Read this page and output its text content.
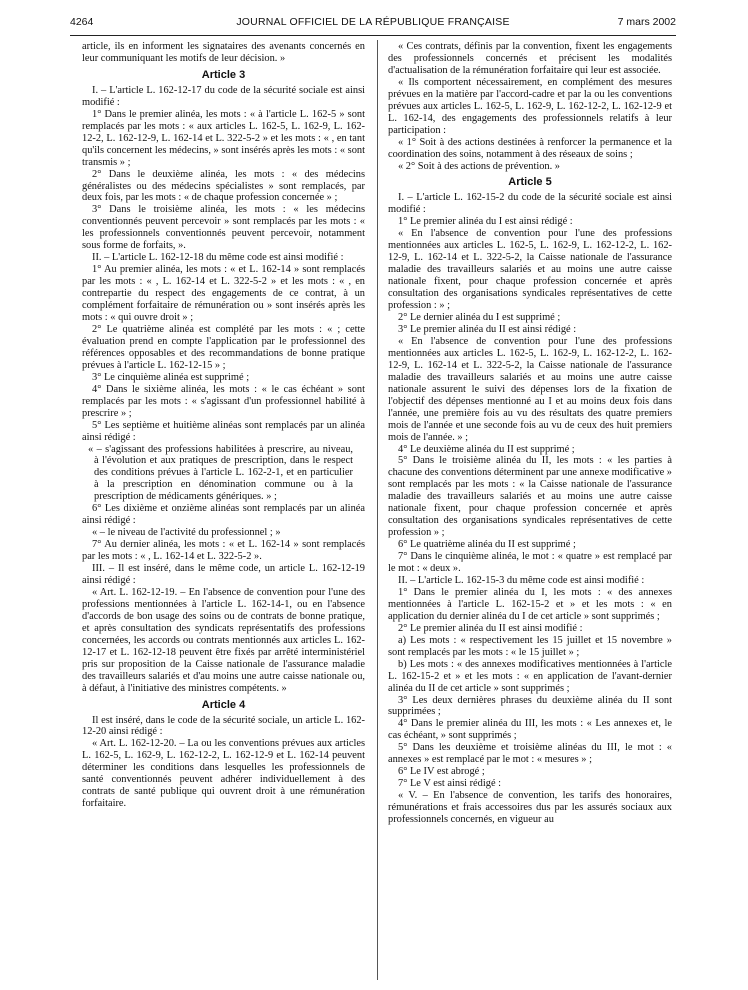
4264	JOURNAL OFFICIEL DE LA RÉPUBLIQUE FRANÇAISE	7 mars 2002

article, ils en informent les signataires des avenants concernés en leur communiquant les motifs de leur décision. »

Article 3

I. – L'article L. 162-12-17 du code de la sécurité sociale est ainsi modifié :

1° Dans le premier alinéa, les mots : « à l'article L. 162-5 » sont remplacés par les mots : « aux articles L. 162-5, L. 162-9, L. 162-12-2, L. 162-12-9, L. 162-14 et L. 322-5-2 » et les mots : « , en tant qu'ils concernent les médecins, » sont insérés après les mots : « sont transmis » ;

2° Dans le deuxième alinéa, les mots : « des médecins généralistes ou des médecins spécialistes » sont remplacés, par deux fois, par les mots : « de chaque profession concernée » ;

3° Dans le troisième alinéa, les mots : « les médecins conventionnés peuvent percevoir » sont remplacés par les mots : « les professionnels conventionnés peuvent percevoir, notamment sous forme de forfaits, ».

II. – L'article L. 162-12-18 du même code est ainsi modifié :

1° Au premier alinéa, les mots : « et L. 162-14 » sont remplacés par les mots : « , L. 162-14 et L. 322-5-2 » et les mots : « , en contrepartie du respect des engagements de ce contrat, à un complément forfaitaire de rémunération ou » sont insérés après les mots : « qui ouvre droit » ;

2° Le quatrième alinéa est complété par les mots : « ; cette évaluation prend en compte l'application par le professionnel des références opposables et des recommandations de bonne pratique prévues à l'article L. 162-12-15 » ;

3° Le cinquième alinéa est supprimé ;

4° Dans le sixième alinéa, les mots : « le cas échéant » sont remplacés par les mots : « s'agissant d'un professionnel habilité à prescrire » ;

5° Les septième et huitième alinéas sont remplacés par un alinéa ainsi rédigé :

« – s'agissant des professions habilitées à prescrire, au niveau, à l'évolution et aux pratiques de prescription, dans le respect des conditions prévues à l'article L. 162-2-1, et en particulier à la prescription en dénomination commune ou à la prescription de médicaments génériques. » ;

6° Les dixième et onzième alinéas sont remplacés par un alinéa ainsi rédigé :

« – le niveau de l'activité du professionnel ; »

7° Au dernier alinéa, les mots : « et L. 162-14 » sont remplacés par les mots : « , L. 162-14 et L. 322-5-2 ».

III. – Il est inséré, dans le même code, un article L. 162-12-19 ainsi rédigé :

« Art. L. 162-12-19. – En l'absence de convention pour l'une des professions mentionnées à l'article L. 162-14-1, ou en l'absence d'accords de bon usage des soins ou de contrats de bonne pratique, et après consultation des syndicats représentatifs des professions concernées, les accords ou contrats mentionnés aux articles L. 162-12-17 et L. 162-12-18 peuvent être fixés par arrêté interministériel pris sur proposition de la Caisse nationale de l'assurance maladie des travailleurs salariés et d'au moins une autre caisse nationale ou, à défaut, à l'initiative des ministres compétents. »

Article 4

Il est inséré, dans le code de la sécurité sociale, un article L. 162-12-20 ainsi rédigé :

« Art. L. 162-12-20. – La ou les conventions prévues aux articles L. 162-5, L. 162-9, L. 162-12-2, L. 162-12-9 et L. 162-14 peuvent déterminer les conditions dans lesquelles les professionnels de santé conventionnés peuvent adhérer individuellement à des contrats de santé publique qui ouvrent droit à une rémunération forfaitaire.

« Ces contrats, définis par la convention, fixent les engagements des professionnels concernés et précisent les modalités d'actualisation de la rémunération forfaitaire qui leur est associée.

« Ils comportent nécessairement, en complément des mesures prévues en la matière par l'accord-cadre et par la ou les conventions prévues aux articles L. 162-5, L. 162-9, L. 162-12-2, L. 162-12-9 et L. 162-14, des engagements des professionnels relatifs à leur participation :

« 1° Soit à des actions destinées à renforcer la permanence et la coordination des soins, notamment à des réseaux de soins ;

« 2° Soit à des actions de prévention. »

Article 5

I. – L'article L. 162-15-2 du code de la sécurité sociale est ainsi modifié :

1° Le premier alinéa du I est ainsi rédigé :

« En l'absence de convention pour l'une des professions mentionnées aux articles L. 162-5, L. 162-9, L. 162-12-2, L. 162-12-9, L. 162-14 et L. 322-5-2, la Caisse nationale de l'assurance maladie des travailleurs salariés et au moins une autre caisse nationale fixent, pour chaque profession concernée et après consultation des organisations syndicales représentatives de cette profession : » ;

2° Le dernier alinéa du I est supprimé ;

3° Le premier alinéa du II est ainsi rédigé :

« En l'absence de convention pour l'une des professions mentionnées aux articles L. 162-5, L. 162-9, L. 162-12-2, L. 162-12-9, L. 162-14 et L. 322-5-2, la Caisse nationale de l'assurance maladie des travailleurs salariés et au moins une autre caisse nationale assurent le suivi des dépenses lors de la fixation de l'objectif des dépenses mentionné au I et au moins deux fois dans l'année, une première fois au vu des résultats des quatre premiers mois de l'année et une seconde fois au vu de ceux des huit premiers mois de l'année. » ;

4° Le deuxième alinéa du II est supprimé ;

5° Dans le troisième alinéa du II, les mots : « les parties à chacune des conventions déterminent par une annexe modificative » sont remplacés par les mots : « la Caisse nationale de l'assurance maladie des travailleurs salariés et au moins une autre caisse nationale fixent, pour chaque profession concernée et après consultation des organisations syndicales représentatives de cette profession » ;

6° Le quatrième alinéa du II est supprimé ;

7° Dans le cinquième alinéa, le mot : « quatre » est remplacé par le mot : « deux ».

II. – L'article L. 162-15-3 du même code est ainsi modifié :

1° Dans le premier alinéa du I, les mots : « des annexes mentionnées à l'article L. 162-15-2 et » et les mots : « en application du dernier alinéa du I de cet article » sont supprimés ;

2° Le premier alinéa du II est ainsi modifié :

a) Les mots : « respectivement les 15 juillet et 15 novembre » sont remplacés par les mots : « le 15 juillet » ;

b) Les mots : « des annexes modificatives mentionnées à l'article L. 162-15-2 et » et les mots : « en application de l'avant-dernier alinéa du II de cet article » sont supprimés ;

3° Les deux dernières phrases du deuxième alinéa du II sont supprimées ;

4° Dans le premier alinéa du III, les mots : « Les annexes et, le cas échéant, » sont supprimés ;

5° Dans les deuxième et troisième alinéas du III, le mot : « annexes » est remplacé par le mot : « mesures » ;

6° Le IV est abrogé ;

7° Le V est ainsi rédigé :

« V. – En l'absence de convention, les tarifs des honoraires, rémunérations et frais accessoires dus par les assurés sociaux aux professionnels concernés, en vigueur au
